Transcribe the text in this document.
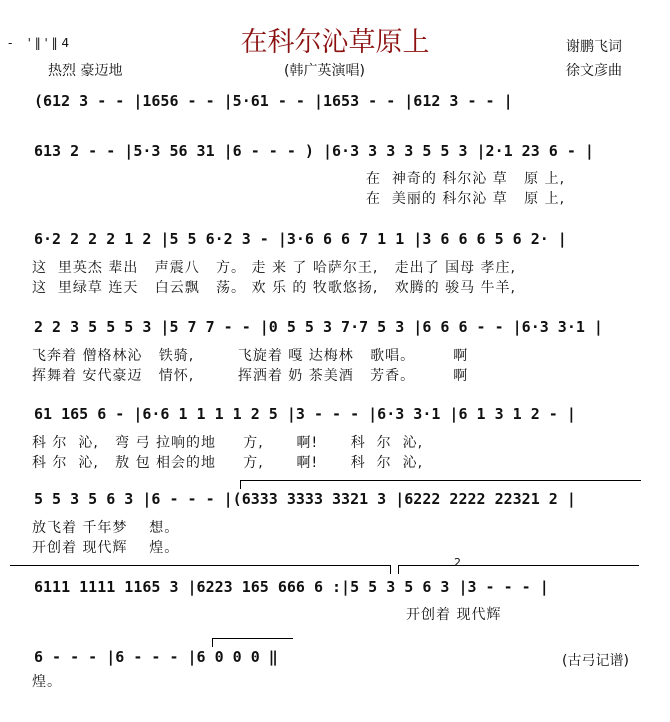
-    ' ‖ ' ‖ 4	在科尔沁草原上
热烈 豪迈地	(韩广英演唱)
谢鹏飞词
徐文彦曲
(612 3 - - |1656 - - |5·61 - - |1653 - - |612 3 - - |
613 2 - - |5·3 56 31 |6 - - - ) |6·3 3 3 3 5 5 3 |2·1 23 6 - |
在  神奇的 科尔沁 草   原 上,
在  美丽的 科尔沁 草   原 上,
6·2 2 2 2 1 2 |5 5 6·2 3 - |3·6 6 6 7 1 1 |3 6 6 6 5 6 2· |
这  里英杰 辈出   声震八   方。 走 来 了 哈萨尔王,   走出了 国母 孝庄,
这  里绿草 连天   白云飘   荡。 欢 乐 的 牧歌悠扬,   欢腾的 骏马 牛羊,
2 2 3 5 5 5 3 |5 7 7 - - |0 5 5 3 7·7 5 3 |6 6 6 - - |6·3 3·1 |
飞奔着 僧格林沁   铁骑,        飞旋着 嘎 达梅林   歌唱。       啊
挥舞着 安代豪迈   情怀,        挥洒着 奶 茶美酒   芳香。       啊
61 165 6 - |6·6 1 1 1 1 2 5 |3 - - - |6·3 3·1 |6 1 3 1 2 - |
科 尔  沁,   弯 弓 拉响的地     方,      啊!      科  尔  沁,
科 尔  沁,   敖 包 相会的地     方,      啊!      科  尔  沁,
5 5 3 5 6 3 |6 - - - |(6333 3333 3321 3 |6222 2222 22321 2 |
放飞着 千年梦    想。
开创着 现代辉    煌。
2
6111 1111 1165 3 |6223 165 666 6 :|5 5 3 5 6 3 |3 - - - |
开创着 现代辉
6 - - - |6 - - - |6 0 0 0 ‖
煌。
(古弓记谱)
